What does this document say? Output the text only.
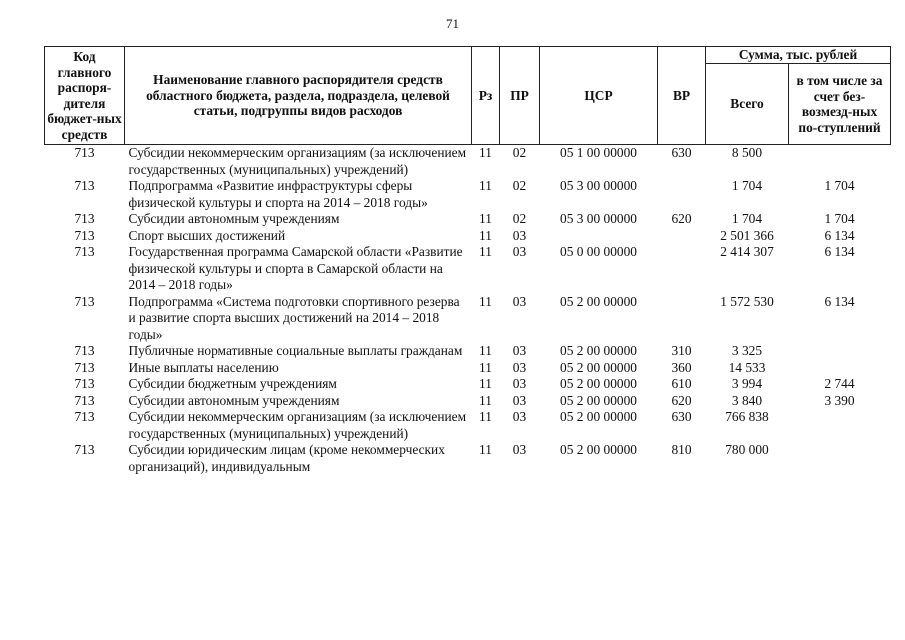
71
Код главного распоря-дителя бюджет-ных средств	Наименование главного распорядителя средств областного бюджета, раздела, подраздела, целевой статьи, подгруппы видов расходов	Рз	ПР	ЦСР	ВР	Сумма, тыс. рублей	
						Всего	в том числе за счет без-возмезд-ных по-ступлений
713	Субсидии некоммерческим организациям (за исключением государственных (муниципальных) учреждений)	11	02	05 1 00 00000	630	8 500	
713	Подпрограмма «Развитие инфраструктуры сферы физической культуры и спорта на 2014 – 2018 годы»	11	02	05 3 00 00000		1 704	1 704
713	Субсидии автономным учреждениям	11	02	05 3 00 00000	620	1 704	1 704
713	Спорт высших достижений	11	03			2 501 366	6 134
713	Государственная программа Самарской области «Развитие физической культуры и спорта в Самарской области на 2014 – 2018 годы»	11	03	05 0 00 00000		2 414 307	6 134
713	Подпрограмма «Система подготовки спортивного резерва и развитие спорта высших достижений на 2014 – 2018 годы»	11	03	05 2 00 00000		1 572 530	6 134
713	Публичные нормативные социальные выплаты гражданам	11	03	05 2 00 00000	310	3 325	
713	Иные выплаты населению	11	03	05 2 00 00000	360	14 533	
713	Субсидии бюджетным учреждениям	11	03	05 2 00 00000	610	3 994	2 744
713	Субсидии автономным учреждениям	11	03	05 2 00 00000	620	3 840	3 390
713	Субсидии некоммерческим организациям (за исключением государственных (муниципальных) учреждений)	11	03	05 2 00 00000	630	766 838	
713	Субсидии юридическим лицам (кроме некоммерческих организаций), индивидуальным	11	03	05 2 00 00000	810	780 000	
